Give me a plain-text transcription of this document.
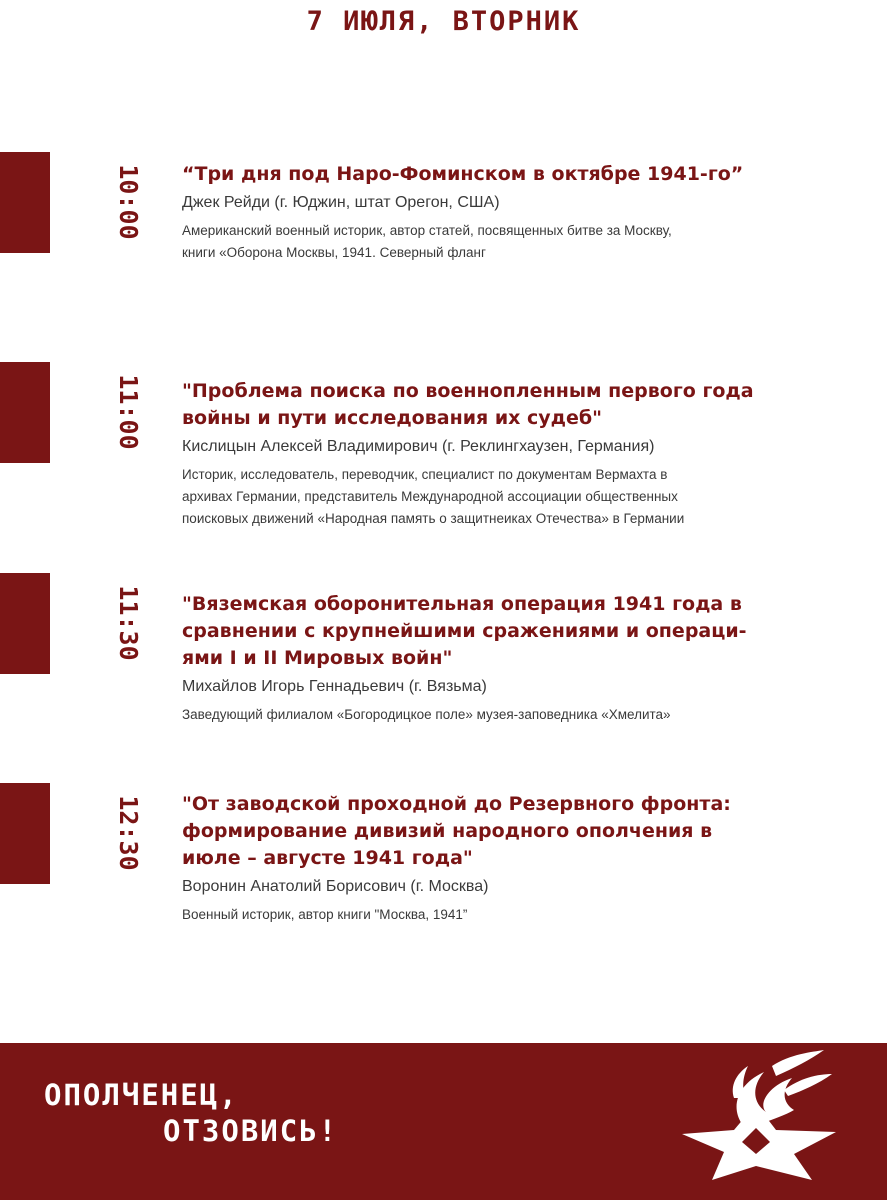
7 ИЮЛЯ, ВТОРНИК
10:00 “Три дня под Наро-Фоминском в октябре 1941-го”

Джек Рейди (г. Юджин, штат Орегон, США)

Американский военный историк, автор статей, посвященных битве за Москву,
книги «Оборона Москвы, 1941. Северный фланг

11:00 "Проблема поиска по военнопленным первого года
войны и пути исследования их судеб"

Кислицын Алексей Владимирович (г. Реклингхаузен, Германия)

Историк, исследователь, переводчик, специалист по документам Вермахта в
архивах Германии, представитель Международной ассоциации общественных
поисковых движений «Народная память о защитнеиках Отечества» в Германии

11:30 "Вяземская оборонительная операция 1941 года в
сравнении с крупнейшими сражениями и операци-
ями I и II Мировых войн"

Михайлов Игорь Геннадьевич (г. Вязьма)

Заведующий филиалом «Богородицкое поле» музея-заповедника «Хмелита»

12:30 "От заводской проходной до Резервного фронта:
формирование дивизий народного ополчения в
июле – августе 1941 года"

Воронин Анатолий Борисович (г. Москва)

Военный историк, автор книги "Москва, 1941”

ОПОЛЧЕНЕЦ,
ОТЗОВИСЬ!
